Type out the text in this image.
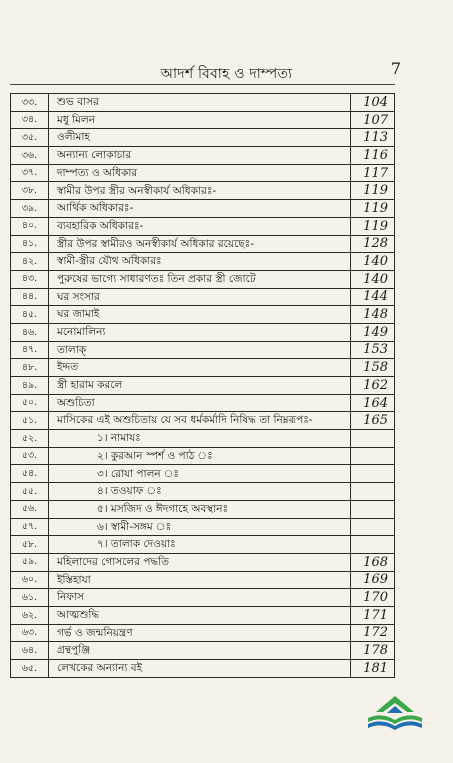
আদর্শ বিবাহ ও দাম্পত্য	7
৩৩.	শুভ বাসর	104
৩৪.	মধু মিলন	107
৩৫.	ওলীমাহ	113
৩৬.	অন্যান্য লোকাচার	116
৩৭.	দাম্পত্য ও অধিকার	117
৩৮.	স্বামীর উপর স্ত্রীর অনস্বীকার্য অধিকারঃ-	119
৩৯.	আর্থিক অধিকারঃ-	119
৪০.	ব্যবহারিক অধিকারঃ-	119
৪১.	স্ত্রীর উপর স্বামীরও অনস্বীকার্য অধিকার রয়েছেঃ-	128
৪২.	স্বামী-স্ত্রীর যৌথ অধিকারঃ	140
৪৩.	পুরুষের ভাগ্যে সাধারণতঃ তিন প্রকার স্ত্রী জোটে	140
৪৪.	ঘর সংসার	144
৪৫.	ঘর জামাই	148
৪৬.	মনোমালিন্য	149
৪৭.	তালাক্	153
৪৮.	ইদ্দত	158
৪৯.	স্ত্রী হারাম করলে	162
৫০.	অশুচিতা	164
৫১.	মাসিকের এই অশুচিতায় যে সব ধর্মকর্মাদি নিষিদ্ধ তা নিম্নরূপঃ-	165
৫২.	১। নামাযঃ	
৫৩.	২। কুরআন স্পর্শ ও পাঠ ঃ	
৫৪.	৩। রোযা পালন ঃ	
৫৫.	৪। তওয়াফ ঃ	
৫৬.	৫। মসজিদ ও ঈদগাহে অবস্থানঃ	
৫৭.	৬। স্বামী-সঙ্গম ঃ	
৫৮.	৭। তালাক দেওয়াঃ	
৫৯.	মহিলাদের গোসলের পদ্ধতি	168
৬০.	ইস্তিহাযা	169
৬১.	নিফাস	170
৬২.	আত্মশুদ্ধি	171
৬৩.	গর্ভ ও জন্মনিয়ন্ত্রণ	172
৬৪.	গ্রন্থপুঞ্জি	178
৬৫.	লেখকের অন্যান্য বই	181
